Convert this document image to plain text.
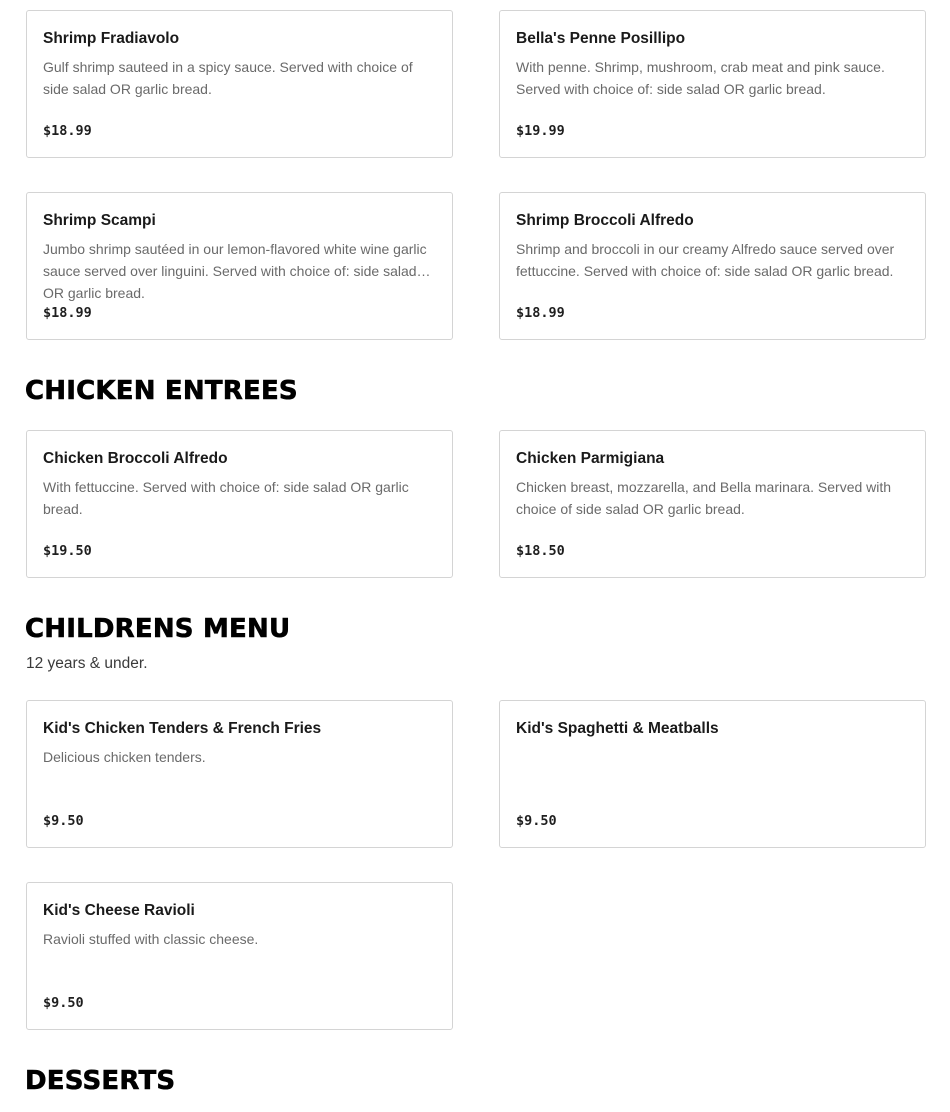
Shrimp Fradiavolo
Gulf shrimp sauteed in a spicy sauce. Served with choice of side salad OR garlic bread.
$18.99
Bella's Penne Posillipo
With penne. Shrimp, mushroom, crab meat and pink sauce. Served with choice of: side salad OR garlic bread.
$19.99
Shrimp Scampi
Jumbo shrimp sautéed in our lemon-flavored white wine garlic sauce served over linguini. Served with choice of: side salad OR garlic bread.
$18.99
Shrimp Broccoli Alfredo
Shrimp and broccoli in our creamy Alfredo sauce served over fettuccine. Served with choice of: side salad OR garlic bread.
$18.99
CHICKEN ENTREES
Chicken Broccoli Alfredo
With fettuccine. Served with choice of: side salad OR garlic bread.
$19.50
Chicken Parmigiana
Chicken breast, mozzarella, and Bella marinara. Served with choice of side salad OR garlic bread.
$18.50
CHILDRENS MENU
12 years & under.
Kid's Chicken Tenders & French Fries
Delicious chicken tenders.
$9.50
Kid's Spaghetti & Meatballs
$9.50
Kid's Cheese Ravioli
Ravioli stuffed with classic cheese.
$9.50
DESSERTS
